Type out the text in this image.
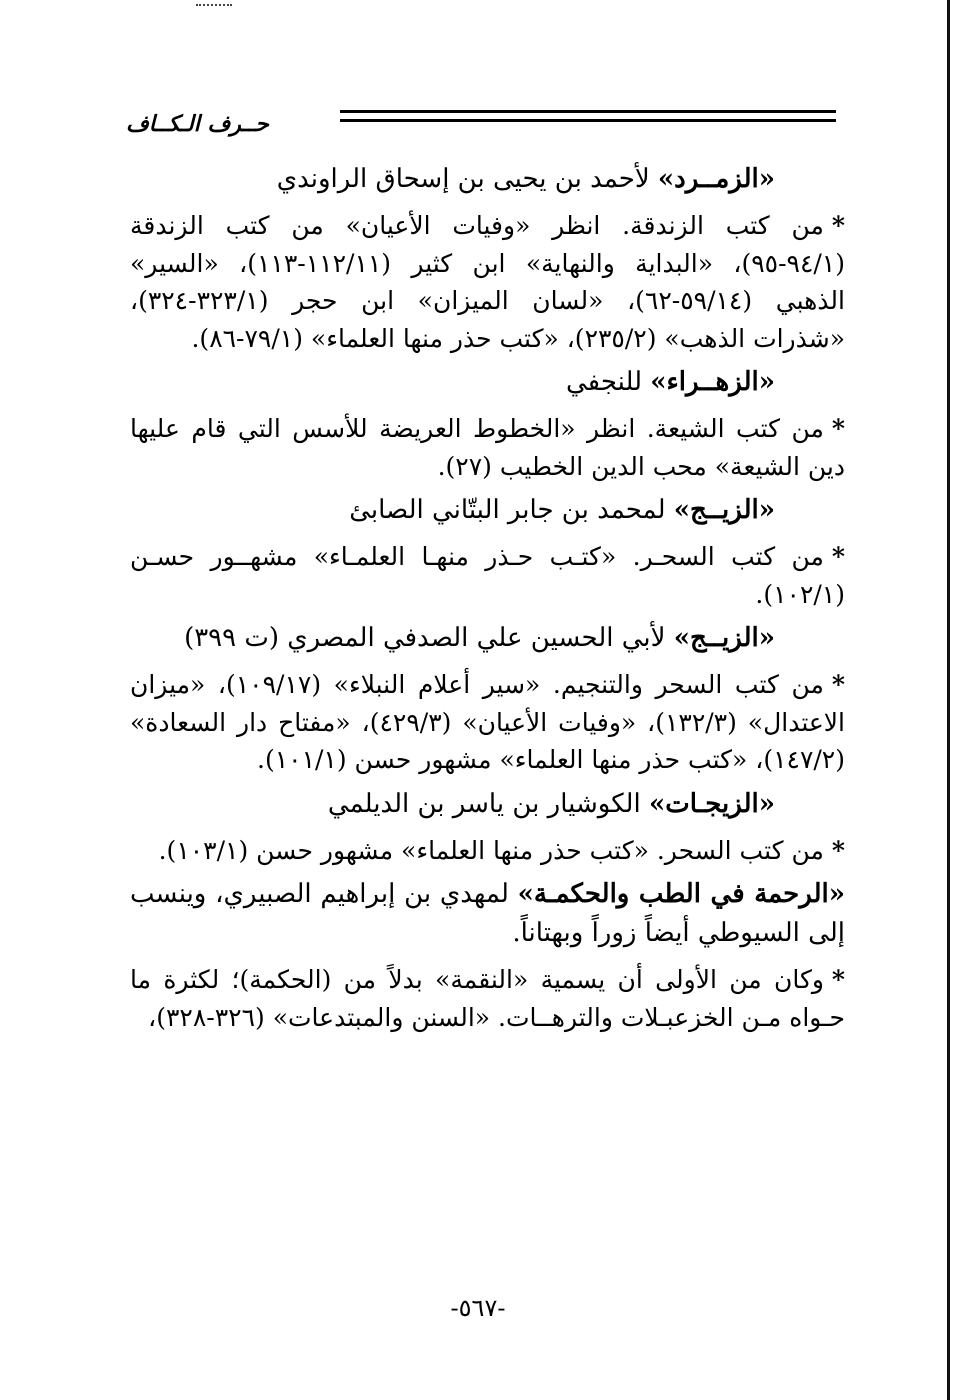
حــرف الـكــاف
«الزمــرد» لأحمد بن يحيى بن إسحاق الراوندي
*من كتب الزندقة. انظر «وفيات الأعيان» من كتب الزندقة (٩٤/١-٩٥)، «البداية والنهاية» ابن كثير (١١٢/١١-١١٣)، «السير» الذهبي (٥٩/١٤-٦٢)، «لسان الميزان» ابن حجر (٣٢٣/١-٣٢٤)، «شذرات الذهب» (٢٣٥/٢)، «كتب حذر منها العلماء» (٧٩/١-٨٦).
«الزهــراء» للنجفي
*من كتب الشيعة. انظر «الخطوط العريضة للأسس التي قام عليها دين الشيعة» محب الدين الخطيب (٢٧).
«الزيــج» لمحمد بن جابر البتّاني الصابئ
*من كتب السحـر. «كتـب حـذر منهـا العلمـاء» مشهــور حسـن (١٠٢/١).
«الزيــج» لأبي الحسين علي الصدفي المصري (ت ٣٩٩)
*من كتب السحر والتنجيم. «سير أعلام النبلاء» (١٠٩/١٧)، «ميزان الاعتدال» (١٣٢/٣)، «وفيات الأعيان» (٤٢٩/٣)، «مفتاح دار السعادة» (١٤٧/٢)، «كتب حذر منها العلماء» مشهور حسن (١٠١/١).
«الزيجـات» الكوشيار بن ياسر بن الديلمي
*من كتب السحر. «كتب حذر منها العلماء» مشهور حسن (١٠٣/١).
«الرحمة في الطب والحكمـة» لمهدي بن إبراهيم الصبيري، وينسب إلى السيوطي أيضاً زوراً وبهتاناً.
*وكان من الأولى أن يسمية «النقمة» بدلاً من (الحكمة)؛ لكثرة ما حـواه مـن الخزعبـلات والترهــات. «السنن والمبتدعات» (٣٢٦-٣٢٨)،
-٥٦٧-
